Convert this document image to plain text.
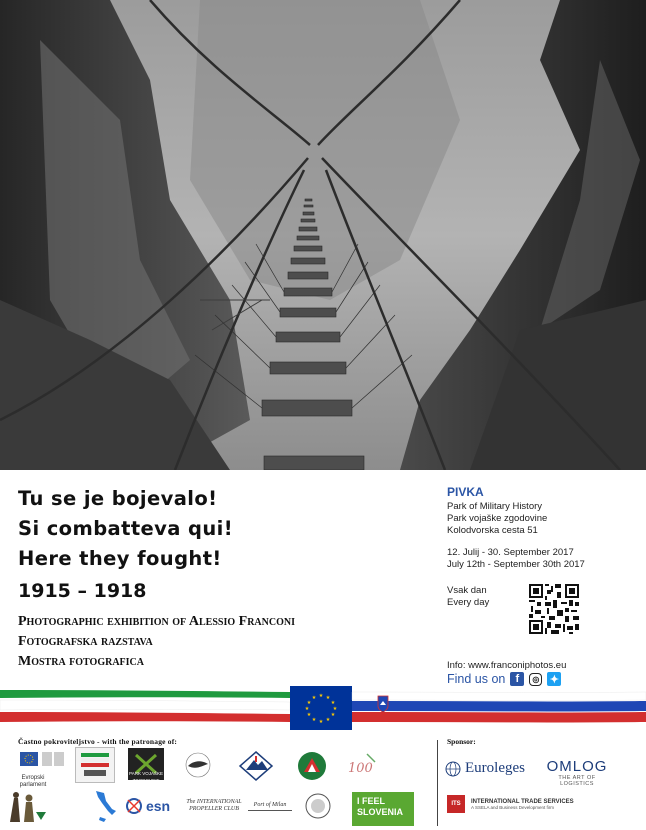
Tu se je bojevalo!
Si combatteva qui!
Here they fought!
1915 – 1918
Photographic exhibition of Alessio Franconi
Fotografska razstava
Mostra fotografica
PIVKA
Park of Military History
Park vojaške zgodovine
Kolodvorska cesta 51
12. Julij - 30. September 2017
July 12th - September 30th 2017
Vsak dan
Every day
Info: www.franconiphotos.eu
Find us on f	◎ ✦
★ ★
★
★
★
★
★
★
★
★
★
★
Častno pokroviteljstvo - with the patronage of:	Sponsor:
Evropski parlament
PARK VOJAŠKE ZGODOVINE
100
esn	The INTERNATIONAL PROPELLER CLUB
Port of Milan	I FEEL
SLOVENIA
Euroleges OMLOG
THE ART OF LOGISTICS
ITS	INTERNATIONAL TRADE SERVICES
A SSELA and Business Development firm
